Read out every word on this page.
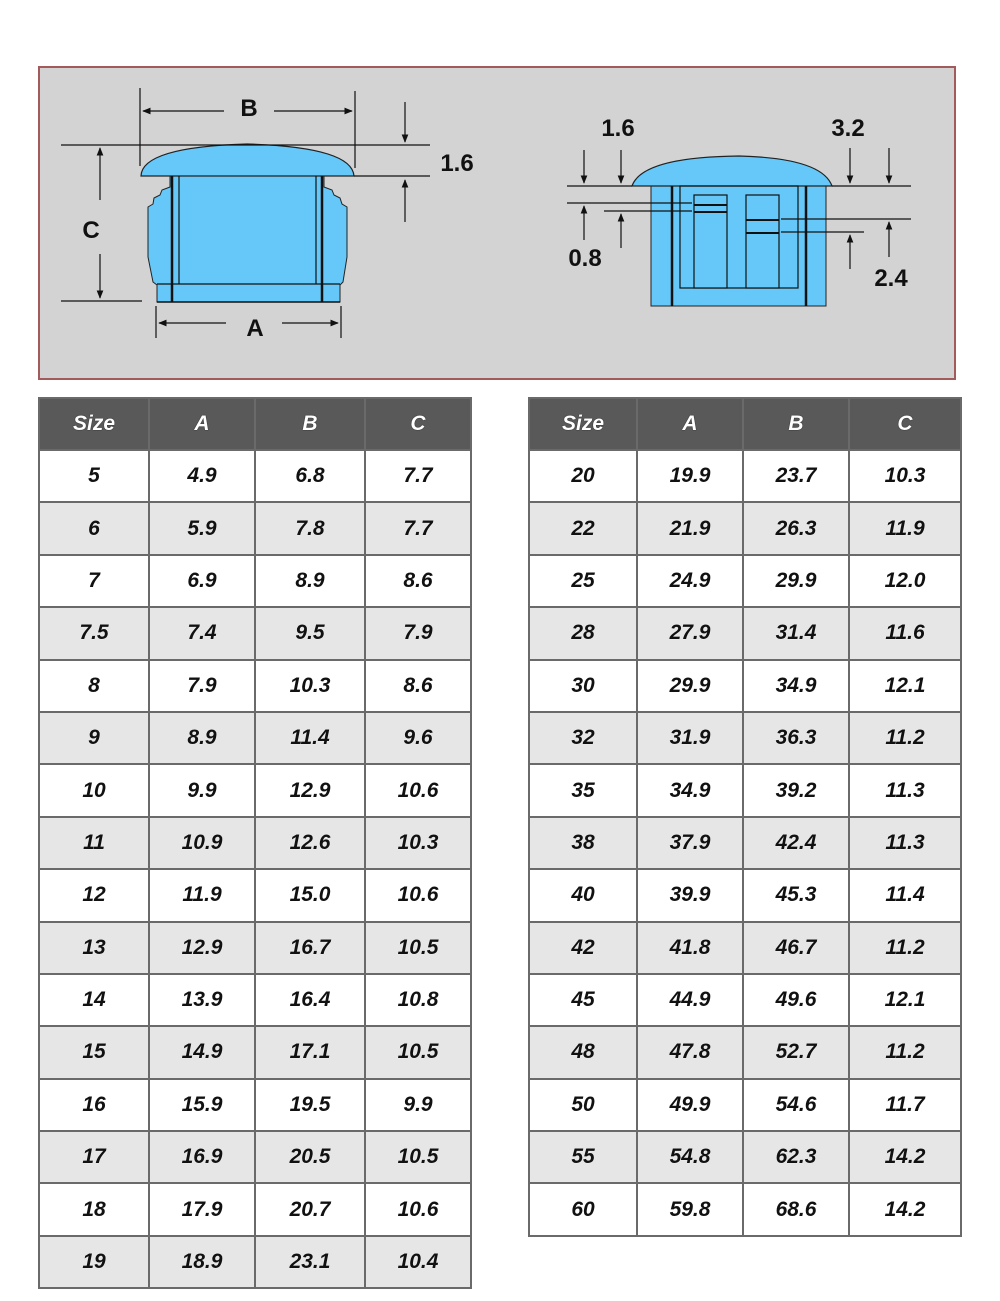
B
A
C
1.6
1.6
0.8
3.2
2.4
Size	A	B	C
5	4.9	6.8	7.7
6	5.9	7.8	7.7
7	6.9	8.9	8.6
7.5	7.4	9.5	7.9
8	7.9	10.3	8.6
9	8.9	11.4	9.6
10	9.9	12.9	10.6
11	10.9	12.6	10.3
12	11.9	15.0	10.6
13	12.9	16.7	10.5
14	13.9	16.4	10.8
15	14.9	17.1	10.5
16	15.9	19.5	9.9
17	16.9	20.5	10.5
18	17.9	20.7	10.6
19	18.9	23.1	10.4
Size	A	B	C
20	19.9	23.7	10.3
22	21.9	26.3	11.9
25	24.9	29.9	12.0
28	27.9	31.4	11.6
30	29.9	34.9	12.1
32	31.9	36.3	11.2
35	34.9	39.2	11.3
38	37.9	42.4	11.3
40	39.9	45.3	11.4
42	41.8	46.7	11.2
45	44.9	49.6	12.1
48	47.8	52.7	11.2
50	49.9	54.6	11.7
55	54.8	62.3	14.2
60	59.8	68.6	14.2
